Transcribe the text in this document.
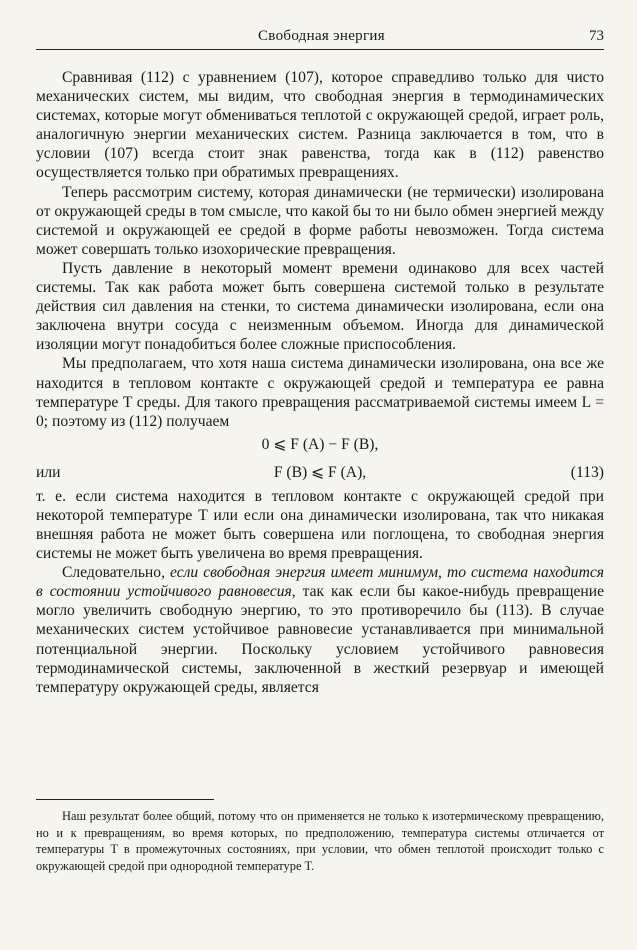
Свободная энергия	73

Сравнивая (112) с уравнением (107), которое справедливо только для чисто механических систем, мы видим, что свободная энергия в термодинамических системах, которые могут обмениваться теплотой с окружающей средой, играет роль, аналогичную энергии механических систем. Разница заключается в том, что в условии (107) всегда стоит знак равенства, тогда как в (112) равенство осуществляется только при обратимых превращениях.

Теперь рассмотрим систему, которая динамически (не термически) изолирована от окружающей среды в том смысле, что какой бы то ни было обмен энергией между системой и окружающей ее средой в форме работы невозможен. Тогда система может совершать только изохорические превращения.

Пусть давление в некоторый момент времени одинаково для всех частей системы. Так как работа может быть совершена системой только в результате действия сил давления на стенки, то система динамически изолирована, если она заключена внутри сосуда с неизменным объемом. Иногда для динамической изоляции могут понадобиться более сложные приспособления.

Мы предполагаем, что хотя наша система динамически изолирована, она все же находится в тепловом контакте с окружающей средой и температура ее равна температуре T среды. Для такого превращения рассматриваемой системы имеем L = 0; поэтому из (112) получаем

0 ⩽ F (A) − F (B),
или	F (B) ⩽ F (A),	(113)

т. е. если система находится в тепловом контакте с окружающей средой при некоторой температуре T или если она динамически изолирована, так что никакая внешняя работа не может быть совершена или поглощена, то свободная энергия системы не может быть увеличена во время превращения.

Следовательно, если свободная энергия имеет минимум, то система находится в состоянии устойчивого равновесия, так как если бы какое-нибудь превращение могло увеличить свободную энергию, то это противоречило бы (113). В случае механических систем устойчивое равновесие устанавливается при минимальной потенциальной энергии. Поскольку условием устойчивого равновесия термодинамической системы, заключенной в жесткий резервуар и имеющей температуру окружающей среды, является

Наш результат более общий, потому что он применяется не только к изотермическому превращению, но и к превращениям, во время которых, по предположению, температура системы отличается от температуры T в промежуточных состояниях, при условии, что обмен теплотой происходит только с окружающей средой при однородной температуре T.
